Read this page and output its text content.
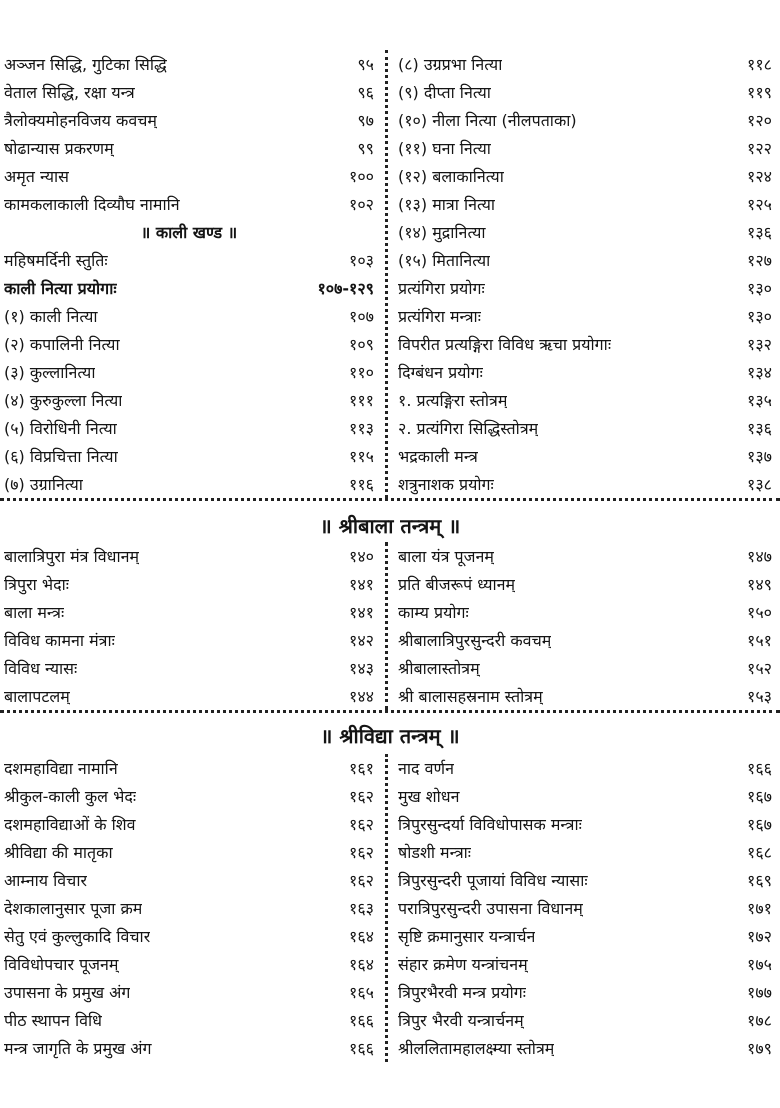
अञ्जन सिद्धि, गुटिका सिद्धि	९५
वेताल सिद्धि, रक्षा यन्त्र	९६
त्रैलोक्यमोहनविजय कवचम्	९७
षोढान्यास प्रकरणम्	९९
अमृत न्यास	१००
कामकलाकाली दिव्यौघ नामानि	१०२
॥ काली खण्ड ॥
महिषमर्दिनी स्तुतिः	१०३
काली नित्या प्रयोगाः	१०७-१२९
(१) काली नित्या	१०७
(२) कपालिनी नित्या	१०९
(३) कुल्लानित्या	११०
(४) कुरुकुल्ला नित्या	१११
(५) विरोधिनी नित्या	११३
(६) विप्रचित्ता नित्या	११५
(७) उग्रानित्या	११६
(८) उग्रप्रभा नित्या	११८
(९) दीप्ता नित्या	११९
(१०) नीला नित्या (नीलपताका)	१२०
(११) घना नित्या	१२२
(१२) बलाकानित्या	१२४
(१३) मात्रा नित्या	१२५
(१४) मुद्रानित्या	१३६
(१५) मितानित्या	१२७
प्रत्यंगिरा प्रयोगः	१३०
प्रत्यंगिरा मन्त्राः	१३०
विपरीत प्रत्यङ्गिरा विविध ऋचा प्रयोगाः	१३२
दिग्बंधन प्रयोगः	१३४
१. प्रत्यङ्गिरा स्तोत्रम्	१३५
२. प्रत्यंगिरा सिद्धिस्तोत्रम्	१३६
भद्रकाली मन्त्र	१३७
शत्रुनाशक प्रयोगः	१३८
॥ श्रीबाला तन्त्रम् ॥
बालात्रिपुरा मंत्र विधानम्	१४०
त्रिपुरा भेदाः	१४१
बाला मन्त्रः	१४१
विविध कामना मंत्राः	१४२
विविध न्यासः	१४३
बालापटलम्	१४४
बाला यंत्र पूजनम्	१४७
प्रति बीजरूपं ध्यानम्	१४९
काम्य प्रयोगः	१५०
श्रीबालात्रिपुरसुन्दरी कवचम्	१५१
श्रीबालास्तोत्रम्	१५२
श्री बालासहस्रनाम स्तोत्रम्	१५३
॥ श्रीविद्या तन्त्रम् ॥
दशमहाविद्या नामानि	१६१
श्रीकुल-काली कुल भेदः	१६२
दशमहाविद्याओं के शिव	१६२
श्रीविद्या की मातृका	१६२
आम्नाय विचार	१६२
देशकालानुसार पूजा क्रम	१६३
सेतु एवं कुल्लुकादि विचार	१६४
विविधोपचार पूजनम्	१६४
उपासना के प्रमुख अंग	१६५
पीठ स्थापन विधि	१६६
मन्त्र जागृति के प्रमुख अंग	१६६
नाद वर्णन	१६६
मुख शोधन	१६७
त्रिपुरसुन्दर्या विविधोपासक मन्त्राः	१६७
षोडशी मन्त्राः	१६८
त्रिपुरसुन्दरी पूजायां विविध न्यासाः	१६९
परात्रिपुरसुन्दरी उपासना विधानम्	१७१
सृष्टि क्रमानुसार यन्त्रार्चन	१७२
संहार क्रमेण यन्त्रांचनम्	१७५
त्रिपुरभैरवी मन्त्र प्रयोगः	१७७
त्रिपुर भैरवी यन्त्रार्चनम्	१७८
श्रीललितामहालक्ष्म्या स्तोत्रम्	१७९
